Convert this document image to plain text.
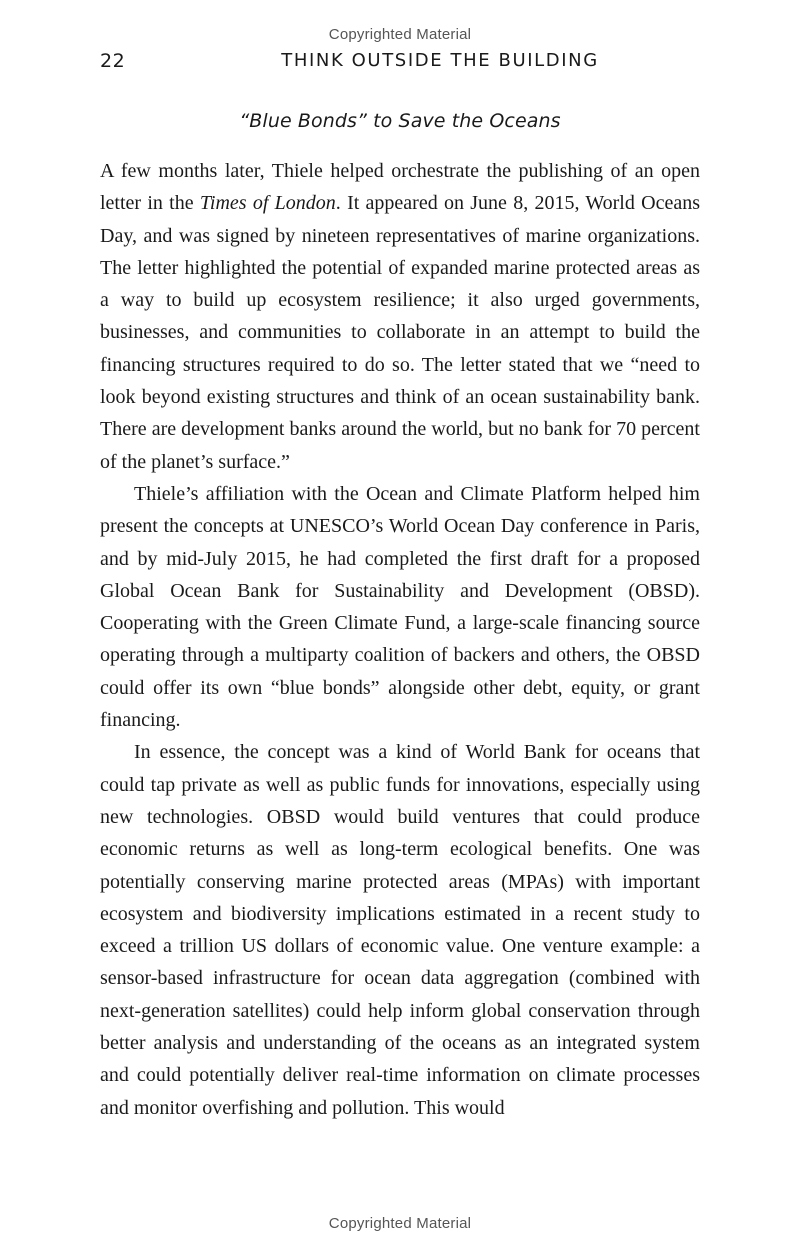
Copyrighted Material
22	THINK OUTSIDE THE BUILDING
“Blue Bonds” to Save the Oceans

A few months later, Thiele helped orchestrate the publishing of an open letter in the Times of London. It appeared on June 8, 2015, World Oceans Day, and was signed by nineteen representatives of marine organizations. The letter highlighted the potential of expanded marine protected areas as a way to build up ecosystem resilience; it also urged governments, businesses, and communities to collaborate in an attempt to build the financing structures required to do so. The letter stated that we “need to look beyond existing structures and think of an ocean sustainability bank. There are development banks around the world, but no bank for 70 percent of the planet’s surface.”

Thiele’s affiliation with the Ocean and Climate Platform helped him present the concepts at UNESCO’s World Ocean Day conference in Paris, and by mid-July 2015, he had completed the first draft for a proposed Global Ocean Bank for Sustainability and Development (OBSD). Cooperating with the Green Climate Fund, a large-scale financing source operating through a multiparty coalition of backers and others, the OBSD could offer its own “blue bonds” alongside other debt, equity, or grant financing.

In essence, the concept was a kind of World Bank for oceans that could tap private as well as public funds for innovations, especially using new technologies. OBSD would build ventures that could produce economic returns as well as long-term ecological benefits. One was potentially conserving marine protected areas (MPAs) with important ecosystem and biodiversity implications estimated in a recent study to exceed a trillion US dollars of economic value. One venture example: a sensor-based infrastructure for ocean data aggregation (combined with next-generation satellites) could help inform global conservation through better analysis and understanding of the oceans as an integrated system and could potentially deliver real-time information on climate processes and monitor overfishing and pollution. This would

Copyrighted Material
